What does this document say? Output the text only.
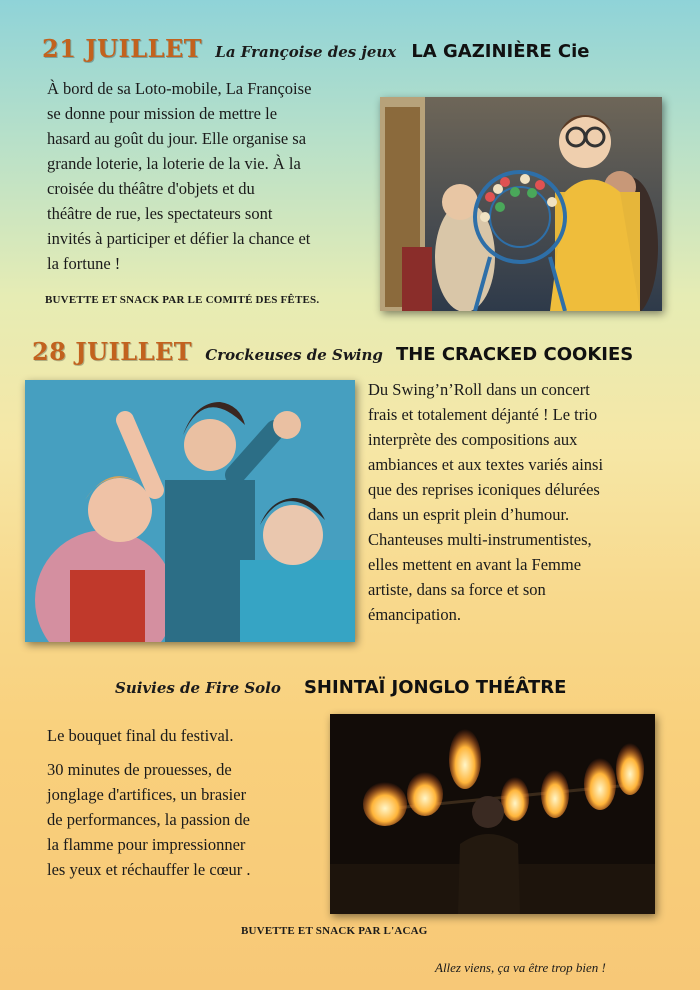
21 JUILLET La Françoise des jeux LA GAZINIÈRE Cie
À bord de sa Loto-mobile, La Françoise
se donne pour mission de mettre le
hasard au goût du jour. Elle organise sa
grande loterie, la loterie de la vie. À la
croisée du théâtre d'objets et du
théâtre de rue, les spectateurs sont
invités à participer et défier la chance et
la fortune !
BUVETTE ET SNACK PAR LE COMITÉ DES FÊTES.
28 JUILLET Crockeuses de Swing THE CRACKED COOKIES
Du Swing’n’Roll dans un concert
frais et totalement déjanté ! Le trio
interprète des compositions aux
ambiances et aux textes variés ainsi
que des reprises iconiques délurées
dans un esprit plein d’humour.
Chanteuses multi-instrumentistes,
elles mettent en avant la Femme
artiste, dans sa force et son
émancipation.
Suivies de Fire Solo SHINTAÏ JONGLO THÉÂTRE
Le bouquet final du festival.
30 minutes de prouesses, de
jonglage d'artifices, un brasier
de performances, la passion de
la flamme pour impressionner
les yeux et réchauffer le cœur .
BUVETTE ET SNACK PAR L'ACAG
Allez viens, ça va être trop bien !
